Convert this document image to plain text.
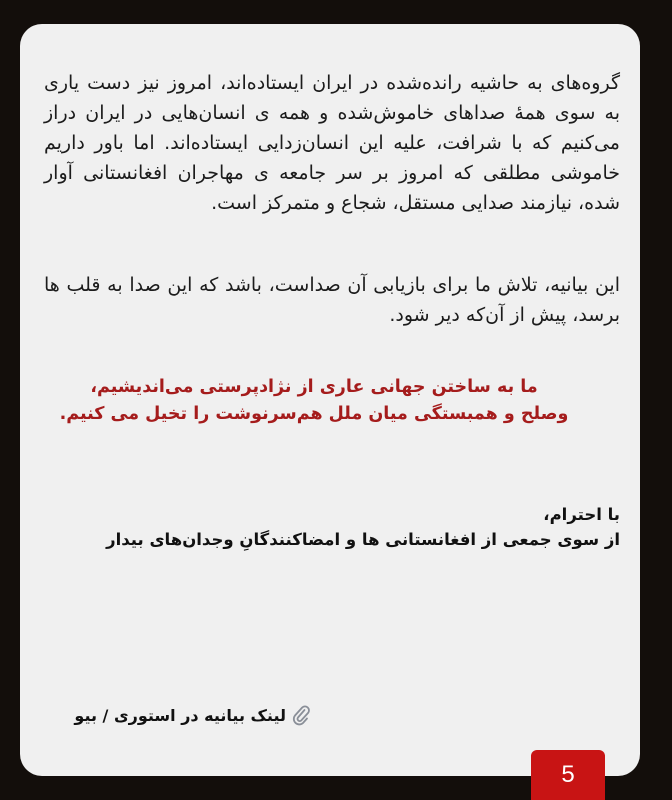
گروه‌های به حاشیه رانده‌شده در ایران ایستاده‌اند، امروز نیز دست یاری به سوی همهٔ صداهای خاموش‌شده و همه ی انسان‌هایی در ایران دراز می‌کنیم که با شرافت، علیه این انسان‌زدایی ایستاده‌اند. اما باور داریم خاموشی مطلقی که امروز بر سر جامعه ی مهاجران افغانستانی آوار شده، نیازمند صدایی مستقل، شجاع و متمرکز است.

این بیانیه، تلاش ما برای بازیابی آن صداست، باشد که این صدا به قلب ها برسد، پیش از آن‌که دیر شود.

ما به ساختن جهانی عاری از نژادپرستی می‌اندیشیم،
وصلح و همبستگی میان ملل هم‌سرنوشت را تخیل می کنیم.
با احترام،
از سوی جمعی از افغانستانی ها و امضاکنندگانِ وجدان‌های بیدار
لینک بیانیه در استوری / بیو
5
